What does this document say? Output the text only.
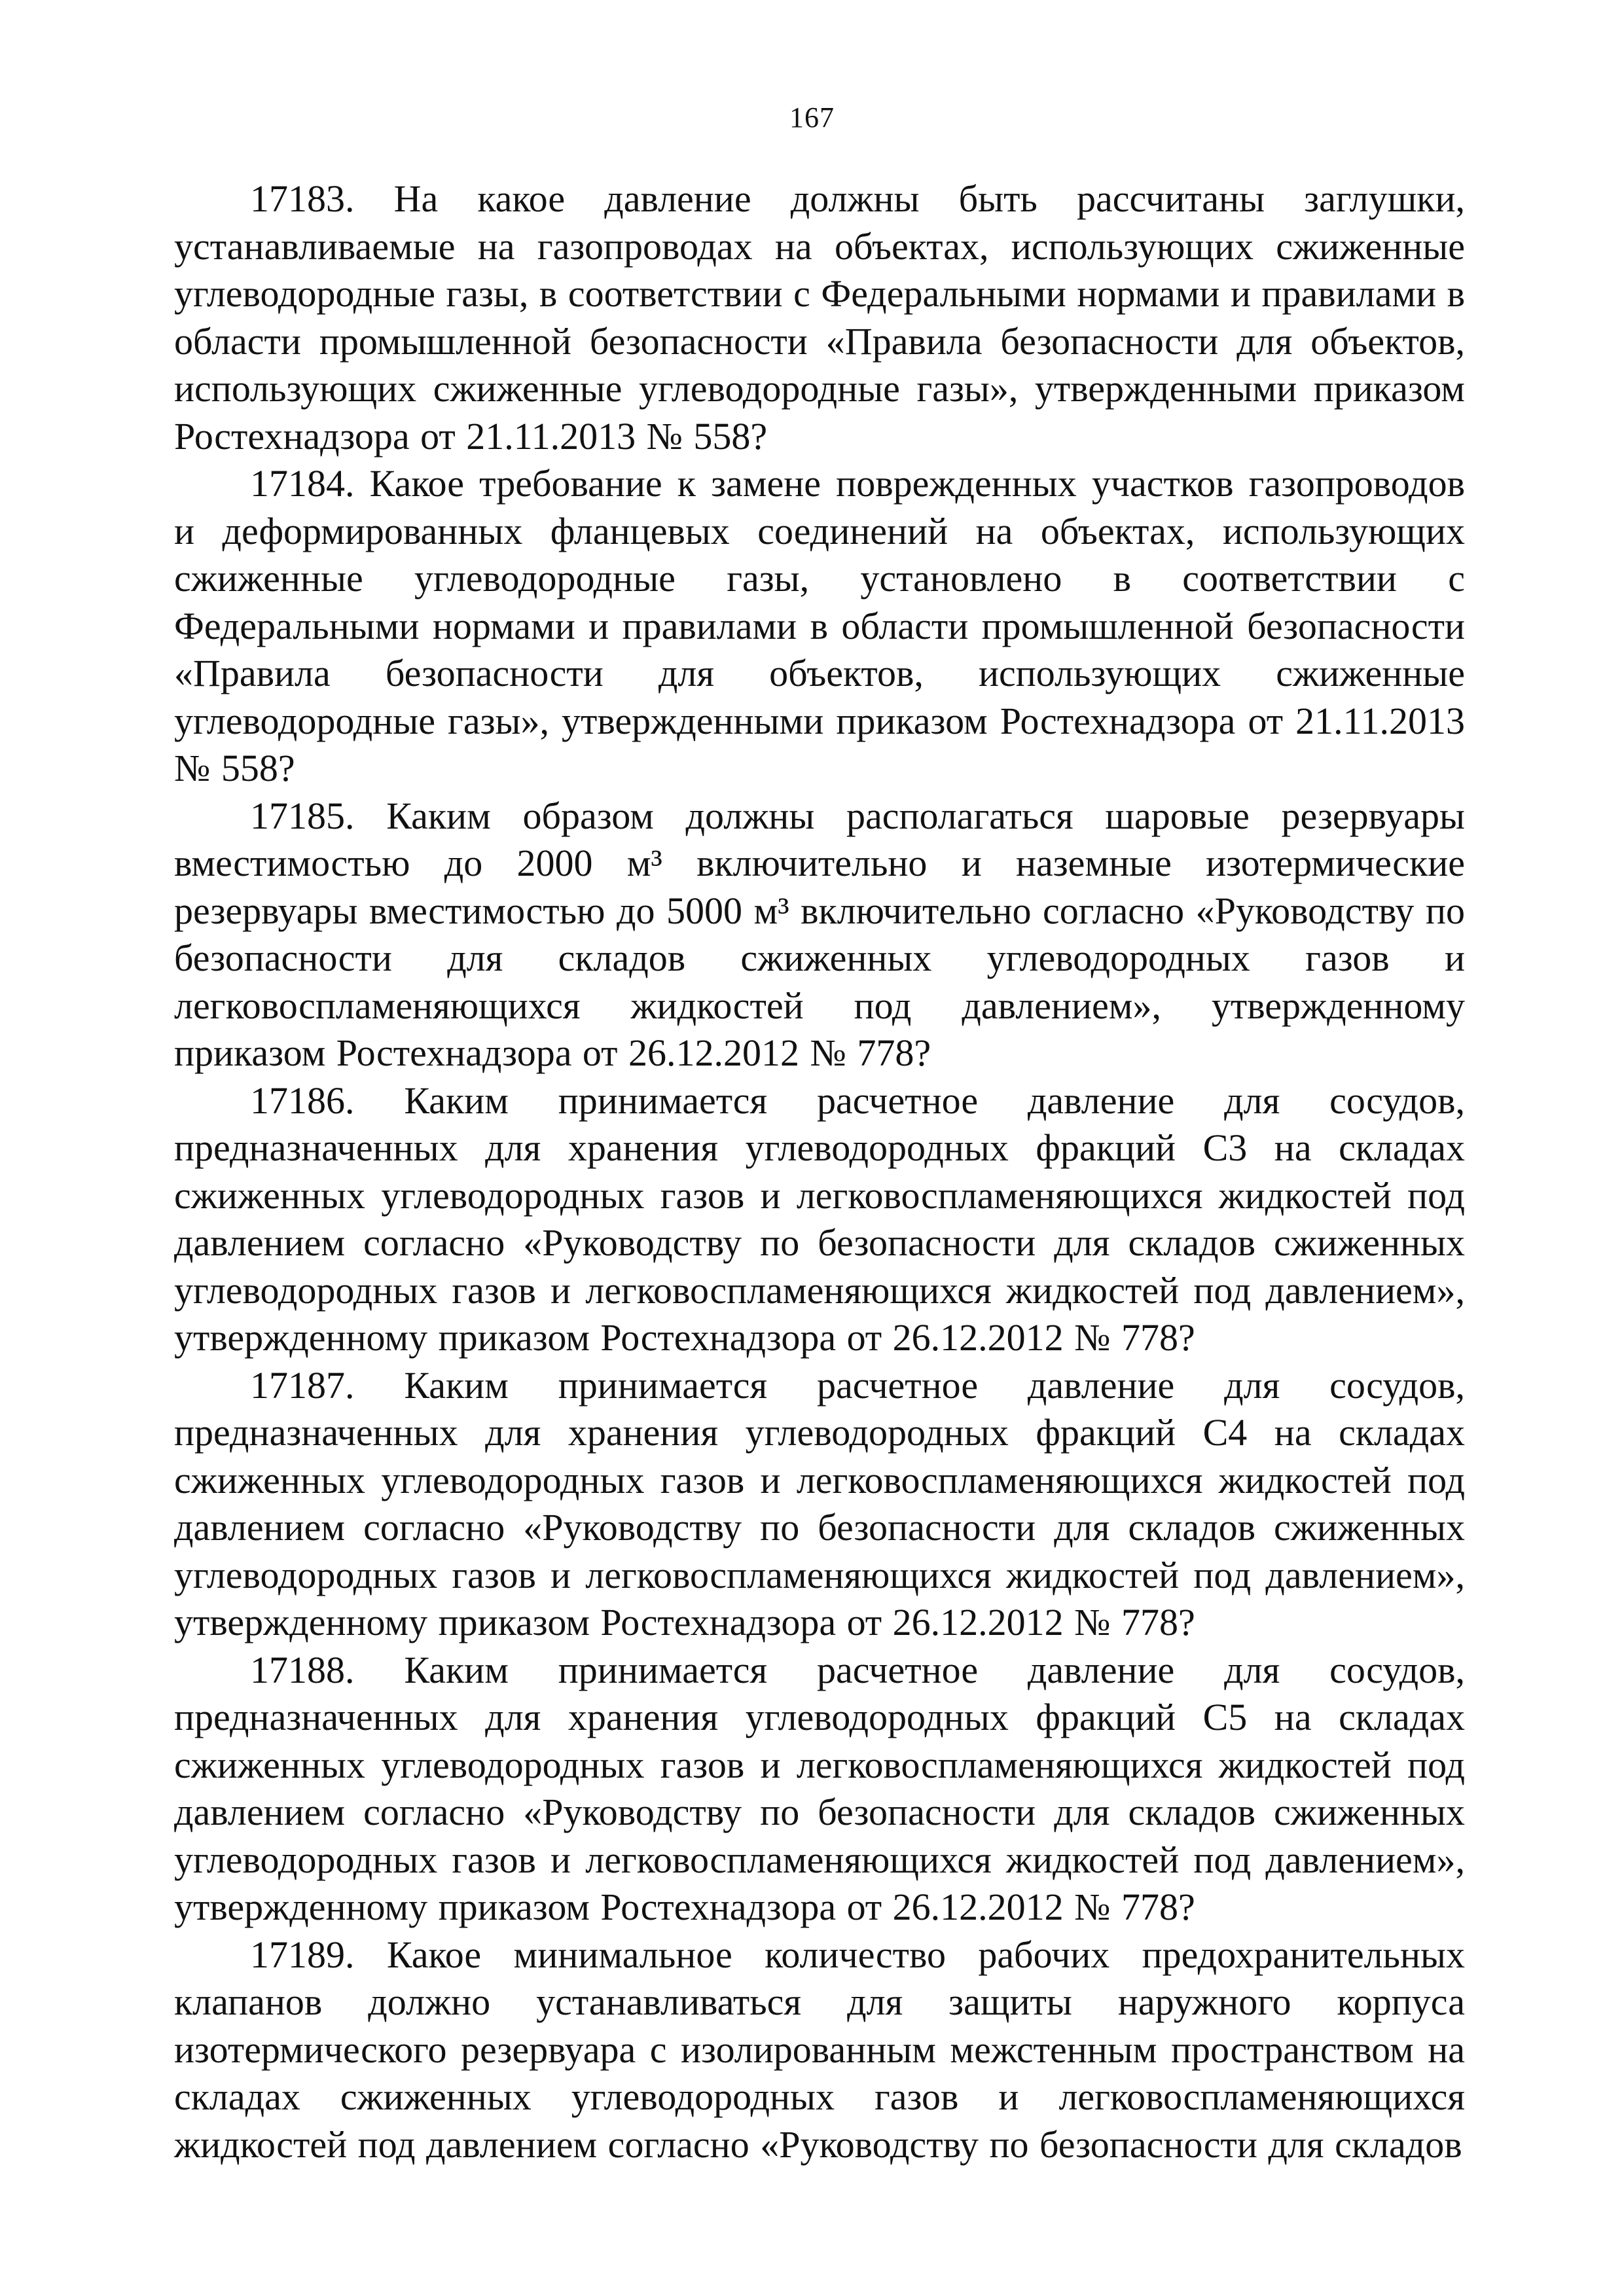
167

17183. На какое давление должны быть рассчитаны заглушки, устанавливаемые на газопроводах на объектах, использующих сжиженные углеводородные газы, в соответствии с Федеральными нормами и правилами в области промышленной безопасности «Правила безопасности для объектов, использующих сжиженные углеводородные газы», утвержденными приказом Ростехнадзора от 21.11.2013 № 558?

17184. Какое требование к замене поврежденных участков газопроводов и деформированных фланцевых соединений на объектах, использующих сжиженные углеводородные газы, установлено в соответствии с Федеральными нормами и правилами в области промышленной безопасности «Правила безопасности для объектов, использующих сжиженные углеводородные газы», утвержденными приказом Ростехнадзора от 21.11.2013 № 558?

17185. Каким образом должны располагаться шаровые резервуары вместимостью до 2000 м³ включительно и наземные изотермические резервуары вместимостью до 5000 м³ включительно согласно «Руководству по безопасности для складов сжиженных углеводородных газов и легковоспламеняющихся жидкостей под давлением», утвержденному приказом Ростехнадзора от 26.12.2012 № 778?

17186. Каким принимается расчетное давление для сосудов, предназначенных для хранения углеводородных фракций С3 на складах сжиженных углеводородных газов и легковоспламеняющихся жидкостей под давлением согласно «Руководству по безопасности для складов сжиженных углеводородных газов и легковоспламеняющихся жидкостей под давлением», утвержденному приказом Ростехнадзора от 26.12.2012 № 778?

17187. Каким принимается расчетное давление для сосудов, предназначенных для хранения углеводородных фракций С4 на складах сжиженных углеводородных газов и легковоспламеняющихся жидкостей под давлением согласно «Руководству по безопасности для складов сжиженных углеводородных газов и легковоспламеняющихся жидкостей под давлением», утвержденному приказом Ростехнадзора от 26.12.2012 № 778?

17188. Каким принимается расчетное давление для сосудов, предназначенных для хранения углеводородных фракций С5 на складах сжиженных углеводородных газов и легковоспламеняющихся жидкостей под давлением согласно «Руководству по безопасности для складов сжиженных углеводородных газов и легковоспламеняющихся жидкостей под давлением», утвержденному приказом Ростехнадзора от 26.12.2012 № 778?

17189. Какое минимальное количество рабочих предохранительных клапанов должно устанавливаться для защиты наружного корпуса изотермического резервуара с изолированным межстенным пространством на складах сжиженных углеводородных газов и легковоспламеняющихся жидкостей под давлением согласно «Руководству по безопасности для складов
